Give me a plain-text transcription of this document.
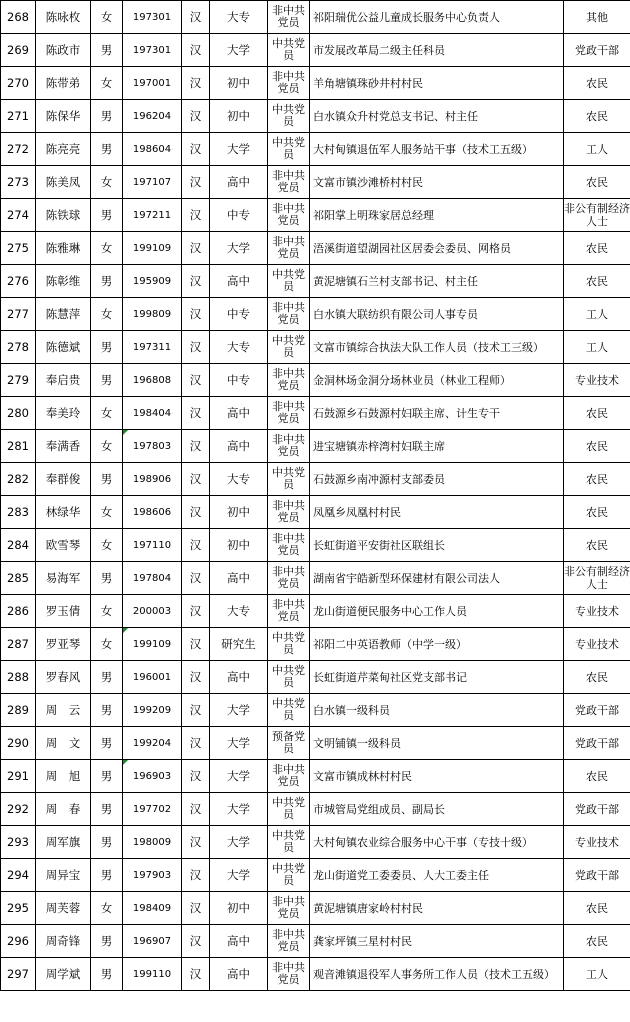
268	陈咏枚	女	197301	汉	大专	非中共党员	祁阳瑞优公益儿童成长服务中心负责人	其他
269	陈政市	男	197301	汉	大学	中共党员	市发展改革局二级主任科员	党政干部
270	陈带弟	女	197001	汉	初中	非中共党员	羊角塘镇珠砂井村村民	农民
271	陈保华	男	196204	汉	初中	中共党员	白水镇众升村党总支书记、村主任	农民
272	陈亮亮	男	198604	汉	大学	中共党员	大村甸镇退伍军人服务站干事（技术工五级）	工人
273	陈美凤	女	197107	汉	高中	非中共党员	文富市镇沙滩桥村村民	农民
274	陈铁球	男	197211	汉	中专	非中共党员	祁阳掌上明珠家居总经理	非公有制经济人士
275	陈雅琳	女	199109	汉	大学	非中共党员	浯溪街道望湖园社区居委会委员、网格员	农民
276	陈彰维	男	195909	汉	高中	中共党员	黄泥塘镇石兰村支部书记、村主任	农民
277	陈慧萍	女	199809	汉	中专	非中共党员	白水镇大联纺织有限公司人事专员	工人
278	陈德斌	男	197311	汉	大专	中共党员	文富市镇综合执法大队工作人员（技术工三级）	工人
279	奉启贵	男	196808	汉	中专	非中共党员	金洞林场金洞分场林业员（林业工程师）	专业技术
280	奉美玲	女	198404	汉	高中	非中共党员	石鼓源乡石鼓源村妇联主席、计生专干	农民
281	奉满香	女	197803	汉	高中	非中共党员	进宝塘镇赤梓湾村妇联主席	农民
282	奉群俊	男	198906	汉	大专	中共党员	石鼓源乡南冲源村支部委员	农民
283	林绿华	女	198606	汉	初中	非中共党员	凤凰乡凤凰村村民	农民
284	欧雪琴	女	197110	汉	初中	非中共党员	长虹街道平安街社区联组长	农民
285	易海军	男	197804	汉	高中	非中共党员	湖南省宇皓新型环保建材有限公司法人	非公有制经济人士
286	罗玉倩	女	200003	汉	大专	非中共党员	龙山街道便民服务中心工作人员	专业技术
287	罗亚琴	女	199109	汉	研究生	中共党员	祁阳二中英语教师（中学一级）	专业技术
288	罗春风	男	196001	汉	高中	中共党员	长虹街道芹菜甸社区党支部书记	农民
289	周　云	男	199209	汉	大学	中共党员	白水镇一级科员	党政干部
290	周　文	男	199204	汉	大学	预备党员	文明铺镇一级科员	党政干部
291	周　旭	男	196903	汉	大学	非中共党员	文富市镇成林村村民	农民
292	周　春	男	197702	汉	大学	中共党员	市城管局党组成员、副局长	党政干部
293	周军旗	男	198009	汉	大学	中共党员	大村甸镇农业综合服务中心干事（专技十级）	专业技术
294	周异宝	男	197903	汉	大学	中共党员	龙山街道党工委委员、人大工委主任	党政干部
295	周芙蓉	女	198409	汉	初中	非中共党员	黄泥塘镇唐家岭村村民	农民
296	周奇锋	男	196907	汉	高中	非中共党员	龚家坪镇三星村村民	农民
297	周学斌	男	199110	汉	高中	非中共党员	观音滩镇退役军人事务所工作人员（技术工五级）	工人
